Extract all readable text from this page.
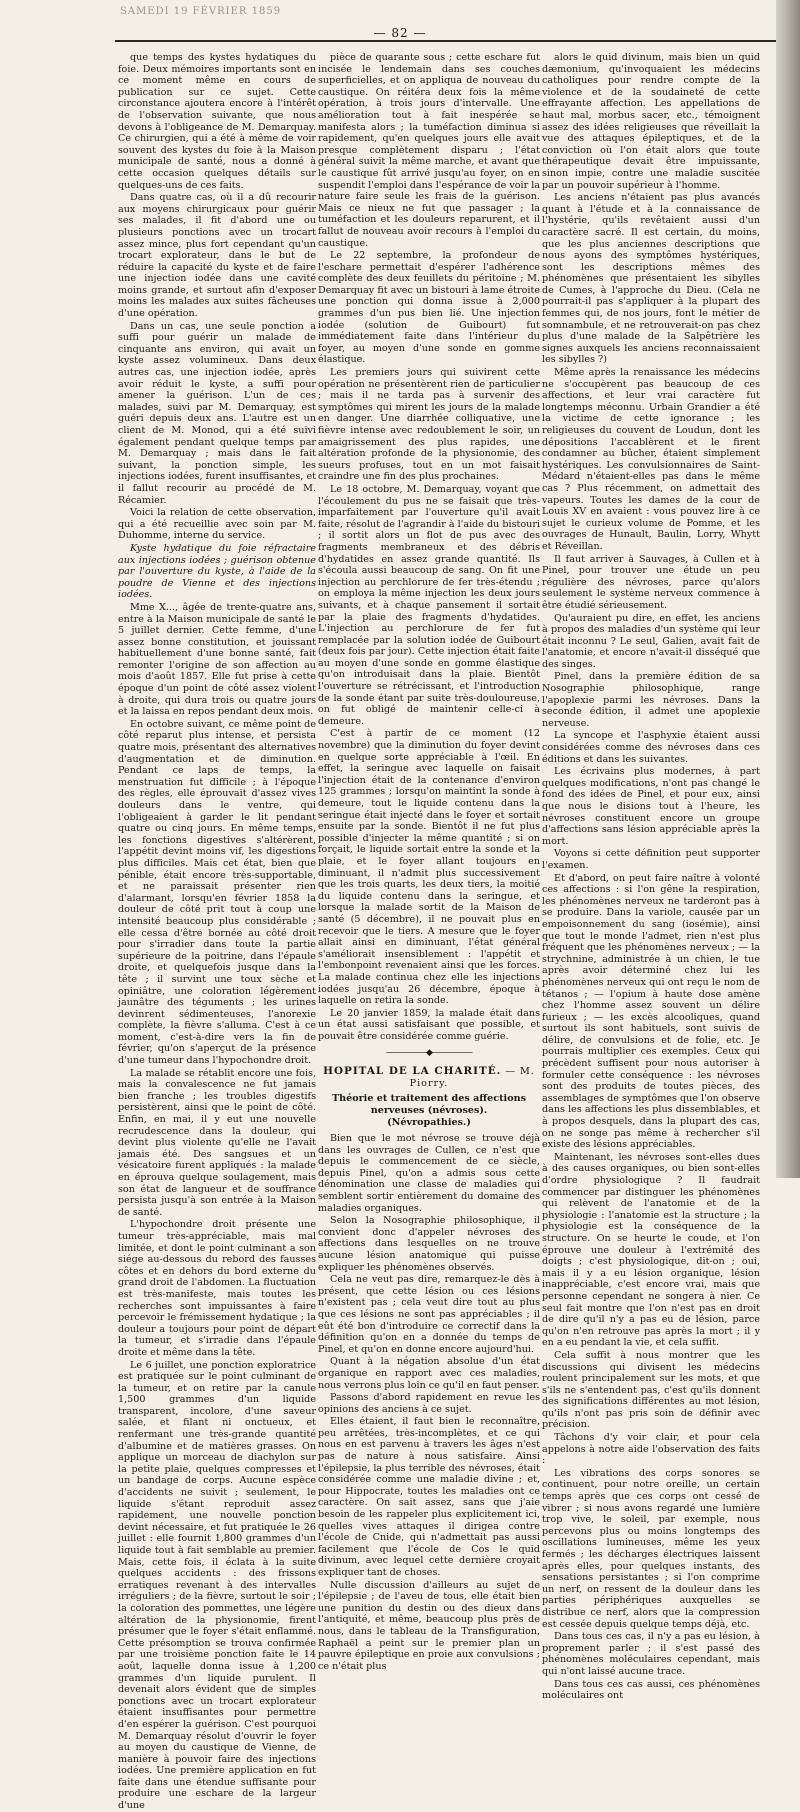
SAMEDI 19 FÉVRIER 1859
— 82 —

que temps des kystes hydatiques du foie. Deux mémoires importants sont en ce moment même en cours de publication sur ce sujet. Cette circonstance ajoutera encore à l'intérêt de l'observation suivante, que nous devons à l'obligeance de M. Demarquay. Ce chirurgien, qui a été à même de voir souvent des kystes du foie à la Maison municipale de santé, nous a donné à cette occasion quelques détails sur quelques-uns de ces faits.

Dans quatre cas, où il a dû recourir aux moyens chirurgicaux pour guérir ses malades, il fit d'abord une ou plusieurs ponctions avec un trocart assez mince, plus fort cependant qu'un trocart explorateur, dans le but de réduire la capacité du kyste et de faire une injection iodée dans une cavité moins grande, et surtout afin d'exposer moins les malades aux suites fâcheuses d'une opération.

Dans un cas, une seule ponction a suffi pour guérir un malade de cinquante ans environ, qui avait un kyste assez volumineux. Dans deux autres cas, une injection iodée, après avoir réduit le kyste, a suffi pour amener la guérison. L'un de ces malades, suivi par M. Demarquay, est guéri depuis deux ans. L'autre est un client de M. Monod, qui a été suivi également pendant quelque temps par M. Demarquay ; mais dans le fait suivant, la ponction simple, les injections iodées, furent insuffisantes, et il fallut recourir au procédé de M. Récamier.

Voici la relation de cette observation, qui a été recueillie avec soin par M. Duhomme, interne du service.

Kyste hydatique du foie réfractaire aux injections iodées ; guérison obtenue par l'ouverture du kyste, à l'aide de la poudre de Vienne et des injections iodées.

Mme X..., âgée de trente-quatre ans, entre à la Maison municipale de santé le 5 juillet dernier. Cette femme, d'une assez bonne constitution, et jouissant habituellement d'une bonne santé, fait remonter l'origine de son affection au mois d'août 1857. Elle fut prise à cette époque d'un point de côté assez violent à droite, qui dura trois ou quatre jours et la laissa en repos pendant deux mois.

En octobre suivant, ce même point de côté reparut plus intense, et persista quatre mois, présentant des alternatives d'augmentation et de diminution. Pendant ce laps de temps, la menstruation fut difficile ; à l'époque des règles, elle éprouvait d'assez vives douleurs dans le ventre, qui l'obligeaient à garder le lit pendant quatre ou cinq jours. En même temps, les fonctions digestives s'altérèrent, l'appétit devint moins vif, les digestions plus difficiles. Mais cet état, bien que pénible, était encore très-supportable, et ne paraissait présenter rien d'alarmant, lorsqu'en février 1858 la douleur de côté prit tout à coup une intensité beaucoup plus considérable ; elle cessa d'être bornée au côté droit pour s'irradier dans toute la partie supérieure de la poitrine, dans l'épaule droite, et quelquefois jusque dans la tête ; il survint une toux sèche et opiniâtre, une coloration légèrement jaunâtre des téguments ; les urines devinrent sédimenteuses, l'anorexie complète, la fièvre s'alluma. C'est à ce moment, c'est-à-dire vers la fin de février, qu'on s'aperçut de la présence d'une tumeur dans l'hypochondre droit.

La malade se rétablit encore une fois, mais la convalescence ne fut jamais bien franche ; les troubles digestifs persistèrent, ainsi que le point de côté. Enfin, en mai, il y eut une nouvelle recrudescence dans la douleur, qui devint plus violente qu'elle ne l'avait jamais été. Des sangsues et un vésicatoire furent appliqués : la malade en éprouva quelque soulagement, mais son état de langueur et de souffrance persista jusqu'à son entrée à la Maison de santé.

L'hypochondre droit présente une tumeur très-appréciable, mais mal limitée, et dont le point culminant a son siége au-dessous du rebord des fausses côtes et en dehors du bord externe du grand droit de l'abdomen. La fluctuation est très-manifeste, mais toutes les recherches sont impuissantes à faire percevoir le frémissement hydatique ; la douleur a toujours pour point de départ la tumeur, et s'irradie dans l'épaule droite et même dans la tête.

Le 6 juillet, une ponction exploratrice est pratiquée sur le point culminant de la tumeur, et on retire par la canule 1,500 grammes d'un liquide transparent, incolore, d'une saveur salée, et filant ni onctueux, et renfermant une très-grande quantité d'albumine et de matières grasses. On applique un morceau de diachylon sur la petite plaie, quelques compresses et un bandage de corps. Aucune espèce d'accidents ne suivit ; seulement, le liquide s'étant reproduit assez rapidement, une nouvelle ponction devint nécessaire, et fut pratiquée le 26 juillet : elle fournit 1,800 grammes d'un liquide tout à fait semblable au premier. Mais, cette fois, il éclata à la suite quelques accidents : des frissons erratiques revenant à des intervalles irréguliers ; de la fièvre, surtout le soir ; la coloration des pommettes, une légère altération de la physionomie, firent présumer que le foyer s'était enflammé. Cette présomption se trouva confirmée par une troisième ponction faite le 14 août, laquelle donna issue à 1,200 grammes d'un liquide purulent. Il devenait alors évident que de simples ponctions avec un trocart explorateur étaient insuffisantes pour permettre d'en espérer la guérison. C'est pourquoi M. Demarquay résolut d'ouvrir le foyer au moyen du caustique de Vienne, de manière à pouvoir faire des injections iodées. Une première application en fut faite dans une étendue suffisante pour produire une eschare de la largeur d'une

pièce de quarante sous ; cette eschare fut incisée le lendemain dans ses couches superficielles, et on appliqua de nouveau du caustique. On réitéra deux fois la même opération, à trois jours d'intervalle. Une amélioration tout à fait inespérée se manifesta alors ; la tuméfaction diminua si rapidement, qu'en quelques jours elle avait presque complètement disparu ; l'état général suivit la même marche, et avant que le caustique fût arrivé jusqu'au foyer, on en suspendit l'emploi dans l'espérance de voir la nature faire seule les frais de la guérison. Mais ce nieux ne fut que passager ; la tuméfaction et les douleurs reparurent, et il fallut de nouveau avoir recours à l'emploi du caustique.

Le 22 septembre, la profondeur de l'eschare permettait d'espérer l'adhérence complète des deux feuillets du péritoine ; M. Demarquay fit avec un bistouri à lame étroite une ponction qui donna issue à 2,000 grammes d'un pus bien lié. Une injection iodée (solution de Guibourt) fut immédiatement faite dans l'intérieur du foyer, au moyen d'une sonde en gomme élastique.

Les premiers jours qui suivirent cette opération ne présentèrent rien de particulier ; mais il ne tarda pas à survenir des symptômes qui mirent les jours de la malade en danger. Une diarrhée colliquative, une fièvre intense avec redoublement le soir, un amaigrissement des plus rapides, une altération profonde de la physionomie, des sueurs profuses, tout en un mot faisait craindre une fin des plus prochaines.

Le 18 octobre, M. Demarquay, voyant que l'écoulement du pus ne se faisait que très-imparfaitement par l'ouverture qu'il avait faite, résolut de l'agrandir à l'aide du bistouri ; il sortit alors un flot de pus avec des fragments membraneux et des débris d'hydatides en assez grande quantité. Ils s'écoula aussi beaucoup de sang. On fit une injection au perchlorure de fer très-étendu ; on employa la même injection les deux jours suivants, et à chaque pansement il sortait par la plaie des fragments d'hydatides. L'injection au perchlorure de fer fut remplacée par la solution iodée de Guibourt (deux fois par jour). Cette injection était faite au moyen d'une sonde en gomme élastique qu'on introduisait dans la plaie. Bientôt l'ouverture se rétrécissant, et l'introduction de la sonde étant par suite très-douloureuse, on fut obligé de maintenir celle-ci à demeure.

C'est à partir de ce moment (12 novembre) que la diminution du foyer devint en quelque sorte appréciable à l'œil. En effet, la seringue avec laquelle on faisait l'injection était de la contenance d'environ 125 grammes ; lorsqu'on maintint la sonde à demeure, tout le liquide contenu dans la seringue était injecté dans le foyer et sortait ensuite par la sonde. Bientôt il ne fut plus possible d'injecter la même quantité ; si on forçait, le liquide sortait entre la sonde et la plaie, et le foyer allant toujours en diminuant, il n'admit plus successivement que les trois quarts, les deux tiers, la moitié du liquide contenu dans la seringue, et lorsque la malade sortit de la Maison de santé (5 décembre), il ne pouvait plus en recevoir que le tiers. A mesure que le foyer allait ainsi en diminuant, l'état général s'améliorait insensiblement : l'appétit et l'embonpoint revenaient ainsi que les forces. La malade continua chez elle les injections iodées jusqu'au 26 décembre, époque à laquelle on retira la sonde.

Le 20 janvier 1859, la malade était dans un état aussi satisfaisant que possible, et pouvait être considérée comme guérie.

—————◆—————
HOPITAL DE LA CHARITÉ. — M. Piorry.
Théorie et traitement des affections nerveuses (névroses).
(Névropathies.)

Bien que le mot névrose se trouve déjà dans les ouvrages de Cullen, ce n'est que depuis le commencement de ce siècle, depuis Pinel, qu'on a admis sous cette dénomination une classe de maladies qui semblent sortir entièrement du domaine des maladies organiques.

Selon la Nosographie philosophique, il convient donc d'appeler névroses des affections dans lesquelles on ne trouve aucune lésion anatomique qui puisse expliquer les phénomènes observés.

Cela ne veut pas dire, remarquez-le dès à présent, que cette lésion ou ces lésions n'existent pas ; cela veut dire tout au plus que ces lésions ne sont pas appréciables ; il eût été bon d'introduire ce correctif dans la définition qu'on en a donnée du temps de Pinel, et qu'on en donne encore aujourd'hui.

Quant à la négation absolue d'un état organique en rapport avec ces maladies, nous verrons plus loin ce qu'il en faut penser.

Passons d'abord rapidement en revue les opinions des anciens à ce sujet.

Elles étaient, il faut bien le reconnaître, peu arrêtées, très-incomplètes, et ce qui nous en est parvenu à travers les âges n'est pas de nature à nous satisfaire. Ainsi l'épilepsie, la plus terrible des névroses, était considérée comme une maladie divine ; et, pour Hippocrate, toutes les maladies ont ce caractère. On sait assez, sans que j'aie besoin de les rappeler plus explicitement ici, quelles vives attaques il dirigea contre l'école de Cnide, qui n'admettait pas aussi facilement que l'école de Cos le quid divinum, avec lequel cette dernière croyait expliquer tant de choses.

Nulle discussion d'ailleurs au sujet de l'épilepsie ; de l'aveu de tous, elle était bien une punition du destin ou des dieux dans l'antiquité, et même, beaucoup plus près de nous, dans le tableau de la Transfiguration, Raphaël a peint sur le premier plan un pauvre épileptique en proie aux convulsions ; ce n'était plus

alors le quid divinum, mais bien un quid dæmonium, qu'invoquaient les médecins catholiques pour rendre compte de la violence et de la soudaineté de cette effrayante affection. Les appellations de haut mal, morbus sacer, etc., témoignent assez des idées religieuses que réveillait la vue des attaques épileptiques, et de la conviction où l'on était alors que toute thérapeutique devait être impuissante, sinon impie, contre une maladie suscitée par un pouvoir supérieur à l'homme.

Les anciens n'étaient pas plus avancés quant à l'étude et à la connaissance de l'hystérie, qu'ils revêtaient aussi d'un caractère sacré. Il est certain, du moins, que les plus anciennes descriptions que nous ayons des symptômes hystériques, sont les descriptions mêmes des phénomènes que présentaient les sibylles de Cumes, à l'approche du Dieu. (Cela ne pourrait-il pas s'appliquer à la plupart des femmes qui, de nos jours, font le métier de somnambule, et ne retrouverait-on pas chez plus d'une malade de la Salpêtrière les signes auxquels les anciens reconnaissaient les sibylles ?)

Même après la renaissance les médecins ne s'occupèrent pas beaucoup de ces affections, et leur vrai caractère fut longtemps méconnu. Urbain Grandier a été la victime de cette ignorance ; les religieuses du couvent de Loudun, dont les dépositions l'accablèrent et le firent condamner au bûcher, étaient simplement hystériques. Les convulsionnaires de Saint-Médard n'étaient-elles pas dans le même cas ? Plus récemment, on admettait des vapeurs. Toutes les dames de la cour de Louis XV en avaient : vous pouvez lire à ce sujet le curieux volume de Pomme, et les ouvrages de Hunault, Baulin, Lorry, Whytt et Réveillan.

Il faut arriver à Sauvages, à Cullen et à Pinel, pour trouver une étude un peu régulière des névroses, parce qu'alors seulement le système nerveux commence à être étudié sérieusement.

Qu'auraient pu dire, en effet, les anciens à propos des maladies d'un système qui leur était inconnu ? Le seul, Galien, avait fait de l'anatomie, et encore n'avait-il disséqué que des singes.

Pinel, dans la première édition de sa Nosographie philosophique, range l'apoplexie parmi les névroses. Dans la seconde édition, il admet une apoplexie nerveuse.

La syncope et l'asphyxie étaient aussi considérées comme des névroses dans ces éditions et dans les suivantes.

Les écrivains plus modernes, à part quelques modifications, n'ont pas changé le fond des idées de Pinel, et pour eux, ainsi que nous le disions tout à l'heure, les névroses constituent encore un groupe d'affections sans lésion appréciable après la mort.

Voyons si cette définition peut supporter l'examen.

Et d'abord, on peut faire naître à volonté ces affections : si l'on gêne la respiration, les phénomènes nerveux ne tarderont pas à se produire. Dans la variole, causée par un empoisonnement du sang (iosémie), ainsi que tout le monde l'admet, rien n'est plus fréquent que les phénomènes nerveux ; — la strychnine, administrée à un chien, le tue après avoir déterminé chez lui les phénomènes nerveux qui ont reçu le nom de tétanos ; — l'opium à haute dose amène chez l'homme assez souvent un délire furieux ; — les excès alcooliques, quand surtout ils sont habituels, sont suivis de délire, de convulsions et de folie, etc. Je pourrais multiplier ces exemples. Ceux qui précèdent suffisent pour nous autoriser à formuler cette conséquence : les névroses sont des produits de toutes pièces, des assemblages de symptômes que l'on observe dans les affections les plus dissemblables, et à propos desquels, dans la plupart des cas, on ne songe pas même à rechercher s'il existe des lésions appréciables.

Maintenant, les névroses sont-elles dues à des causes organiques, ou bien sont-elles d'ordre physiologique ? Il faudrait commencer par distinguer les phénomènes qui relèvent de l'anatomie et de la physiologie : l'anatomie est la structure ; la physiologie est la conséquence de la structure. On se heurte le coude, et l'on éprouve une douleur à l'extrémité des doigts ; c'est physiologique, dit-on ; oui, mais il y a eu lésion organique, lésion inappréciable, c'est encore vrai, mais que personne cependant ne songera à nier. Ce seul fait montre que l'on n'est pas en droit de dire qu'il n'y a pas eu de lésion, parce qu'on n'en retrouve pas après la mort ; il y en a eu pendant la vie, et cela suffit.

Cela suffit à nous montrer que les discussions qui divisent les médecins roulent principalement sur les mots, et que s'ils ne s'entendent pas, c'est qu'ils donnent des significations différentes au mot lésion, qu'ils n'ont pas pris soin de définir avec précision.

Tâchons d'y voir clair, et pour cela appelons à notre aide l'observation des faits :

Les vibrations des corps sonores se continuent, pour notre oreille, un certain temps après que ces corps ont cessé de vibrer ; si nous avons regardé une lumière trop vive, le soleil, par exemple, nous percevons plus ou moins longtemps des oscillations lumineuses, même les yeux fermés ; les décharges électriques laissent après elles, pour quelques instants, des sensations persistantes ; si l'on comprime un nerf, on ressent de la douleur dans les parties périphériques auxquelles se distribue ce nerf, alors que la compression est cessée depuis quelque temps déjà, etc.

Dans tous ces cas, il n'y a pas eu lésion, à proprement parler ; il s'est passé des phénomènes moléculaires cependant, mais qui n'ont laissé aucune trace.

Dans tous ces cas aussi, ces phénomènes moléculaires ont
